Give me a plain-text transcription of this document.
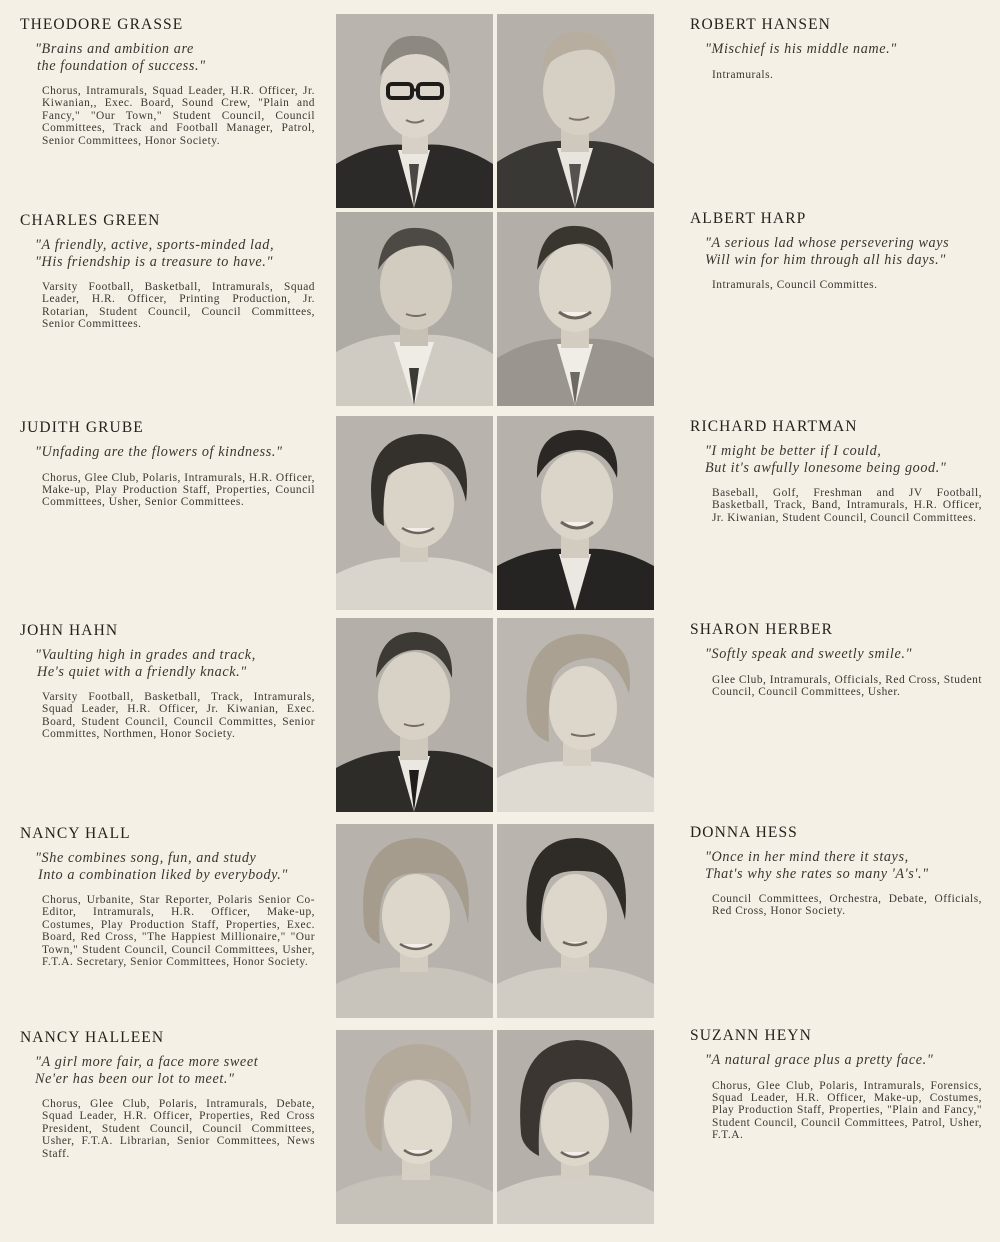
THEODORE GRASSE
"Brains and ambition are
the foundation of success."
Chorus, Intramurals, Squad Leader, H.R. Officer, Jr. Kiwanian,, Exec. Board, Sound Crew, "Plain and Fancy," "Our Town," Student Council, Council Committees, Track and Football Manager, Patrol, Senior Committees, Honor Society.
CHARLES GREEN
"A friendly, active, sports-minded lad,
"His friendship is a treasure to have."
Varsity Football, Basketball, Intramurals, Squad Leader, H.R. Officer, Printing Production, Jr. Rotarian, Student Council, Council Committees, Senior Committees.
JUDITH GRUBE
"Unfading are the flowers of kindness."
Chorus, Glee Club, Polaris, Intramurals, H.R. Officer, Make-up, Play Production Staff, Properties, Council Committees, Usher, Senior Committees.
JOHN HAHN
"Vaulting high in grades and track,
He's quiet with a friendly knack."
Varsity Football, Basketball, Track, Intramurals, Squad Leader, H.R. Officer, Jr. Kiwanian, Exec. Board, Student Council, Council Committes, Senior Committes, Northmen, Honor Society.
NANCY HALL
"She combines song, fun, and study
Into a combination liked by everybody."
Chorus, Urbanite, Star Reporter, Polaris Senior Co-Editor, Intramurals, H.R. Officer, Make-up, Costumes, Play Production Staff, Properties, Exec. Board, Red Cross, "The Happiest Millionaire," "Our Town," Student Council, Council Committees, Usher, F.T.A. Secretary, Senior Committees, Honor Society.
NANCY HALLEEN
"A girl more fair, a face more sweet
Ne'er has been our lot to meet."
Chorus, Glee Club, Polaris, Intramurals, Debate, Squad Leader, H.R. Officer, Properties, Red Cross President, Student Council, Council Committees, Usher, F.T.A. Librarian, Senior Committees, News Staff.
ROBERT HANSEN
"Mischief is his middle name."
Intramurals.
ALBERT HARP
"A serious lad whose persevering ways
Will win for him through all his days."
Intramurals, Council Committes.
RICHARD HARTMAN
"I might be better if I could,
But it's awfully lonesome being good."
Baseball, Golf, Freshman and JV Football, Basketball, Track, Band, Intramurals, H.R. Officer, Jr. Kiwanian, Student Council, Council Committees.
SHARON HERBER
"Softly speak and sweetly smile."
Glee Club, Intramurals, Officials, Red Cross, Student Council, Council Committees, Usher.
DONNA HESS
"Once in her mind there it stays,
That's why she rates so many 'A's'."
Council Committees, Orchestra, Debate, Officials, Red Cross, Honor Society.
SUZANN HEYN
"A natural grace plus a pretty face."
Chorus, Glee Club, Polaris, Intramurals, Forensics, Squad Leader, H.R. Officer, Make-up, Costumes, Play Production Staff, Properties, "Plain and Fancy," Student Council, Council Committees, Patrol, Usher, F.T.A.
